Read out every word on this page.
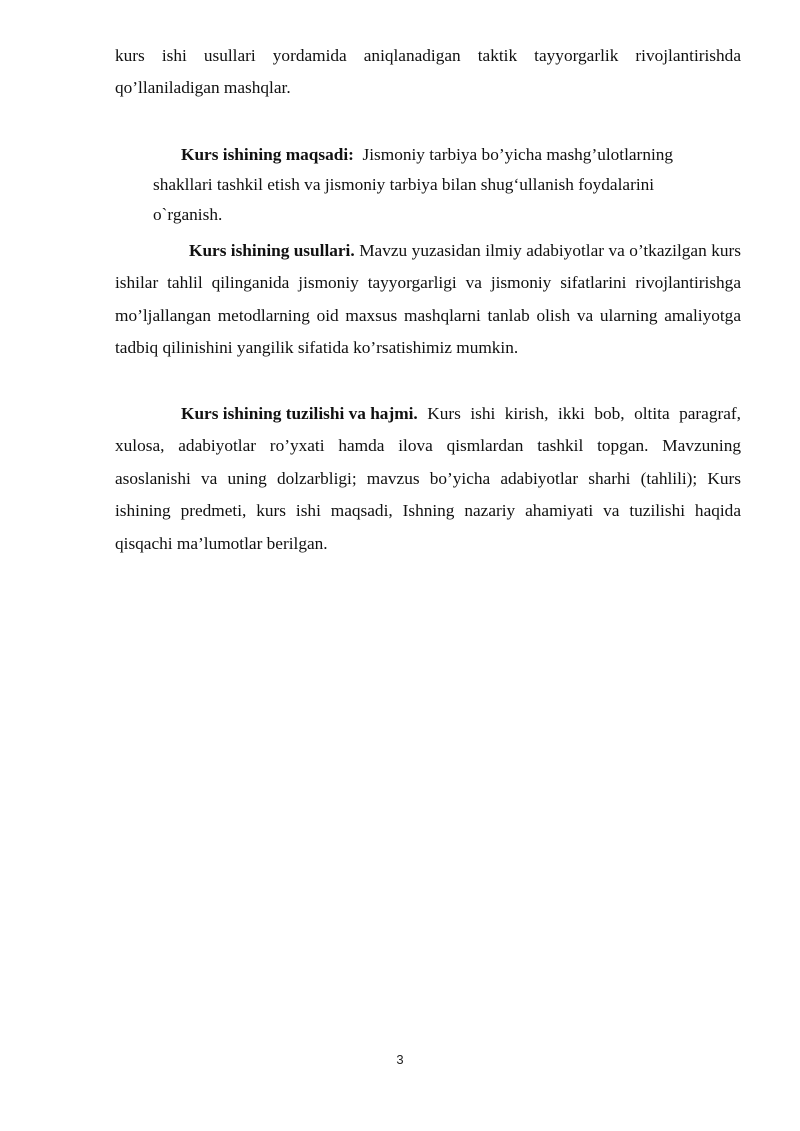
kurs ishi usullari yordamida aniqlanadigan taktik tayyorgarlik rivojlantirishda qo’llaniladigan mashqlar.

Kurs ishining maqsadi: Jismoniy tarbiya bo’yicha mashg’ulotlarning shakllari tashkil etish va jismoniy tarbiya bilan shug‘ullanish foydalarini o`rganish.

Kurs ishining usullari. Mavzu yuzasidan ilmiy adabiyotlar va o’tkazilgan kurs ishilar tahlil qilinganida jismoniy tayyorgarligi va jismoniy sifatlarini rivojlantirishga mo’ljallangan metodlarning oid maxsus mashqlarni tanlab olish va ularning amaliyotga tadbiq qilinishini yangilik sifatida ko’rsatishimiz mumkin.

Kurs ishining tuzilishi va hajmi. Kurs ishi kirish, ikki bob, oltita paragraf, xulosa, adabiyotlar ro’yxati hamda ilova qismlardan tashkil topgan. Mavzuning asoslanishi va uning dolzarbligi; mavzus bo’yicha adabiyotlar sharhi (tahlili); Kurs ishining predmeti, kurs ishi maqsadi, Ishning nazariy ahamiyati va tuzilishi haqida qisqachi ma’lumotlar berilgan.

3
